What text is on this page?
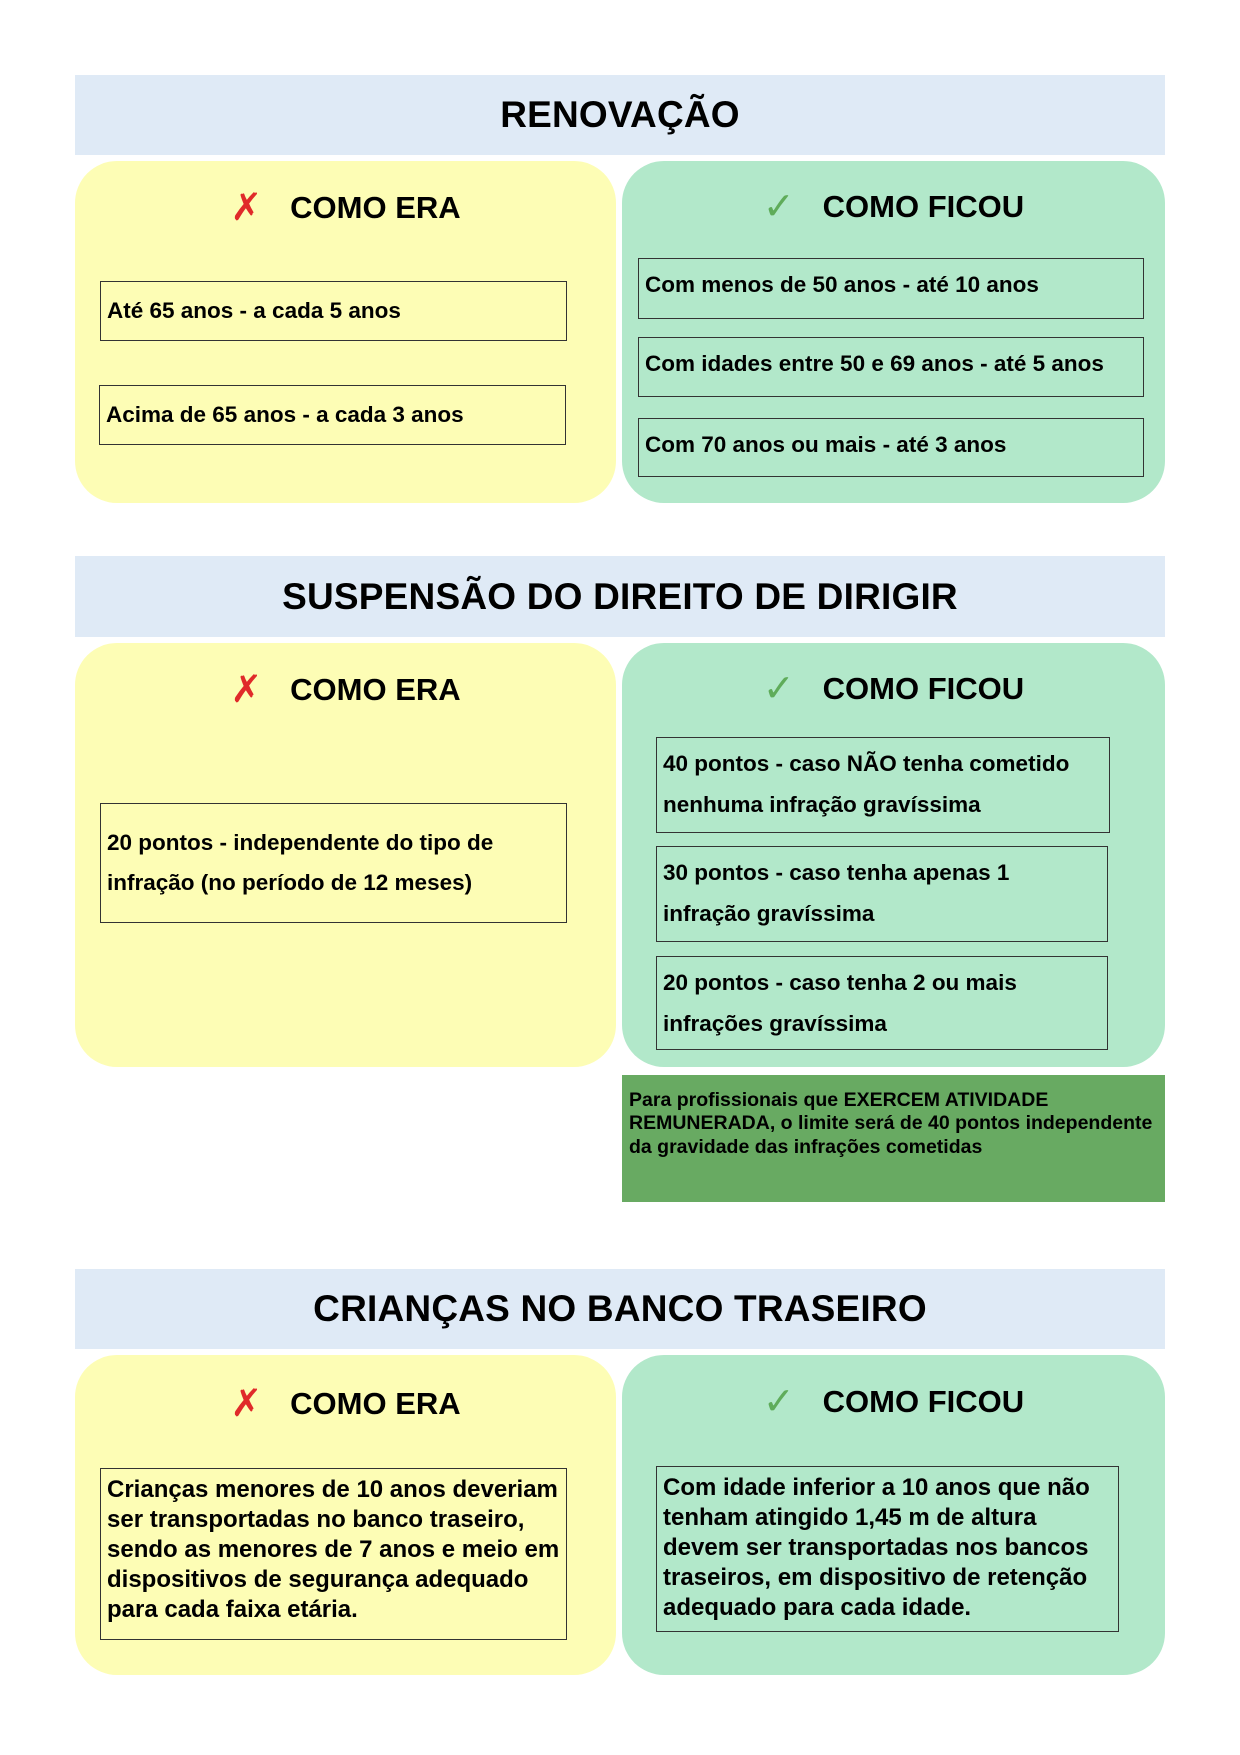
RENOVAÇÃO
✗ COMO ERA
Até 65 anos - a cada 5 anos
Acima de 65 anos - a cada 3 anos
✓ COMO FICOU
Com menos de 50 anos - até 10 anos
Com idades entre 50 e 69 anos - até 5 anos
Com 70 anos ou mais - até 3 anos
SUSPENSÃO DO DIREITO DE DIRIGIR
✗ COMO ERA
20 pontos - independente do tipo de infração (no período de 12 meses)
✓ COMO FICOU
40 pontos - caso NÃO tenha cometido nenhuma infração gravíssima
30 pontos - caso tenha apenas 1 infração gravíssima
20 pontos - caso tenha 2 ou mais infrações gravíssima
Para profissionais que EXERCEM ATIVIDADE REMUNERADA, o limite será de 40 pontos independente da gravidade das infrações cometidas
CRIANÇAS NO BANCO TRASEIRO
✗ COMO ERA
Crianças menores de 10 anos deveriam ser transportadas no banco traseiro, sendo as menores de 7 anos e meio em dispositivos de segurança adequado para cada faixa etária.
✓ COMO FICOU
Com idade inferior a 10 anos que não tenham atingido 1,45 m de altura devem ser transportadas nos bancos traseiros, em dispositivo de retenção adequado para cada idade.
